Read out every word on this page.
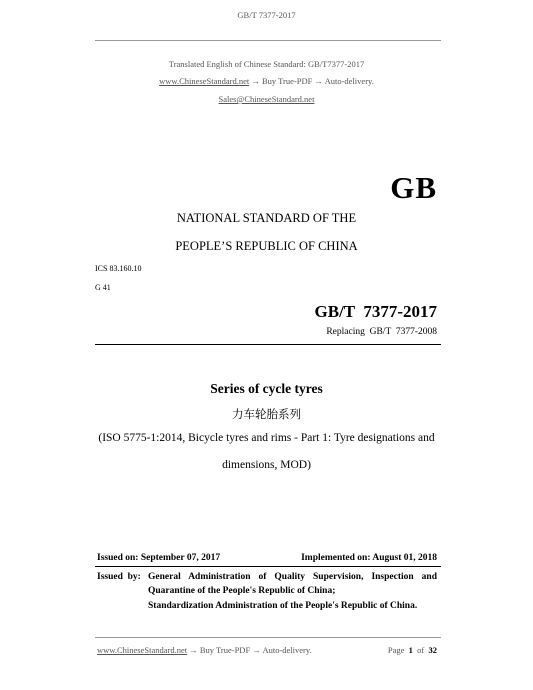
GB/T 7377-2017
Translated English of Chinese Standard: GB/T7377-2017
www.ChineseStandard.net → Buy True-PDF → Auto-delivery.
Sales@ChineseStandard.net
GB
NATIONAL STANDARD OF THE
PEOPLE’S REPUBLIC OF CHINA
ICS 83.160.10
G 41
GB/T  7377-2017
Replacing  GB/T  7377-2008
Series of cycle tyres
力车轮胎系列
(ISO 5775-1:2014, Bicycle tyres and rims - Part 1: Tyre designations and
dimensions, MOD)
Issued on: September 07, 2017	Implemented on: August 01, 2018
Issued  by: General Administration of Quality Supervision, Inspection and
Quarantine of the People's Republic of China;
Standardization Administration of the People's Republic of China.
www.ChineseStandard.net → Buy True-PDF → Auto-delivery.	Page 1 of 32
